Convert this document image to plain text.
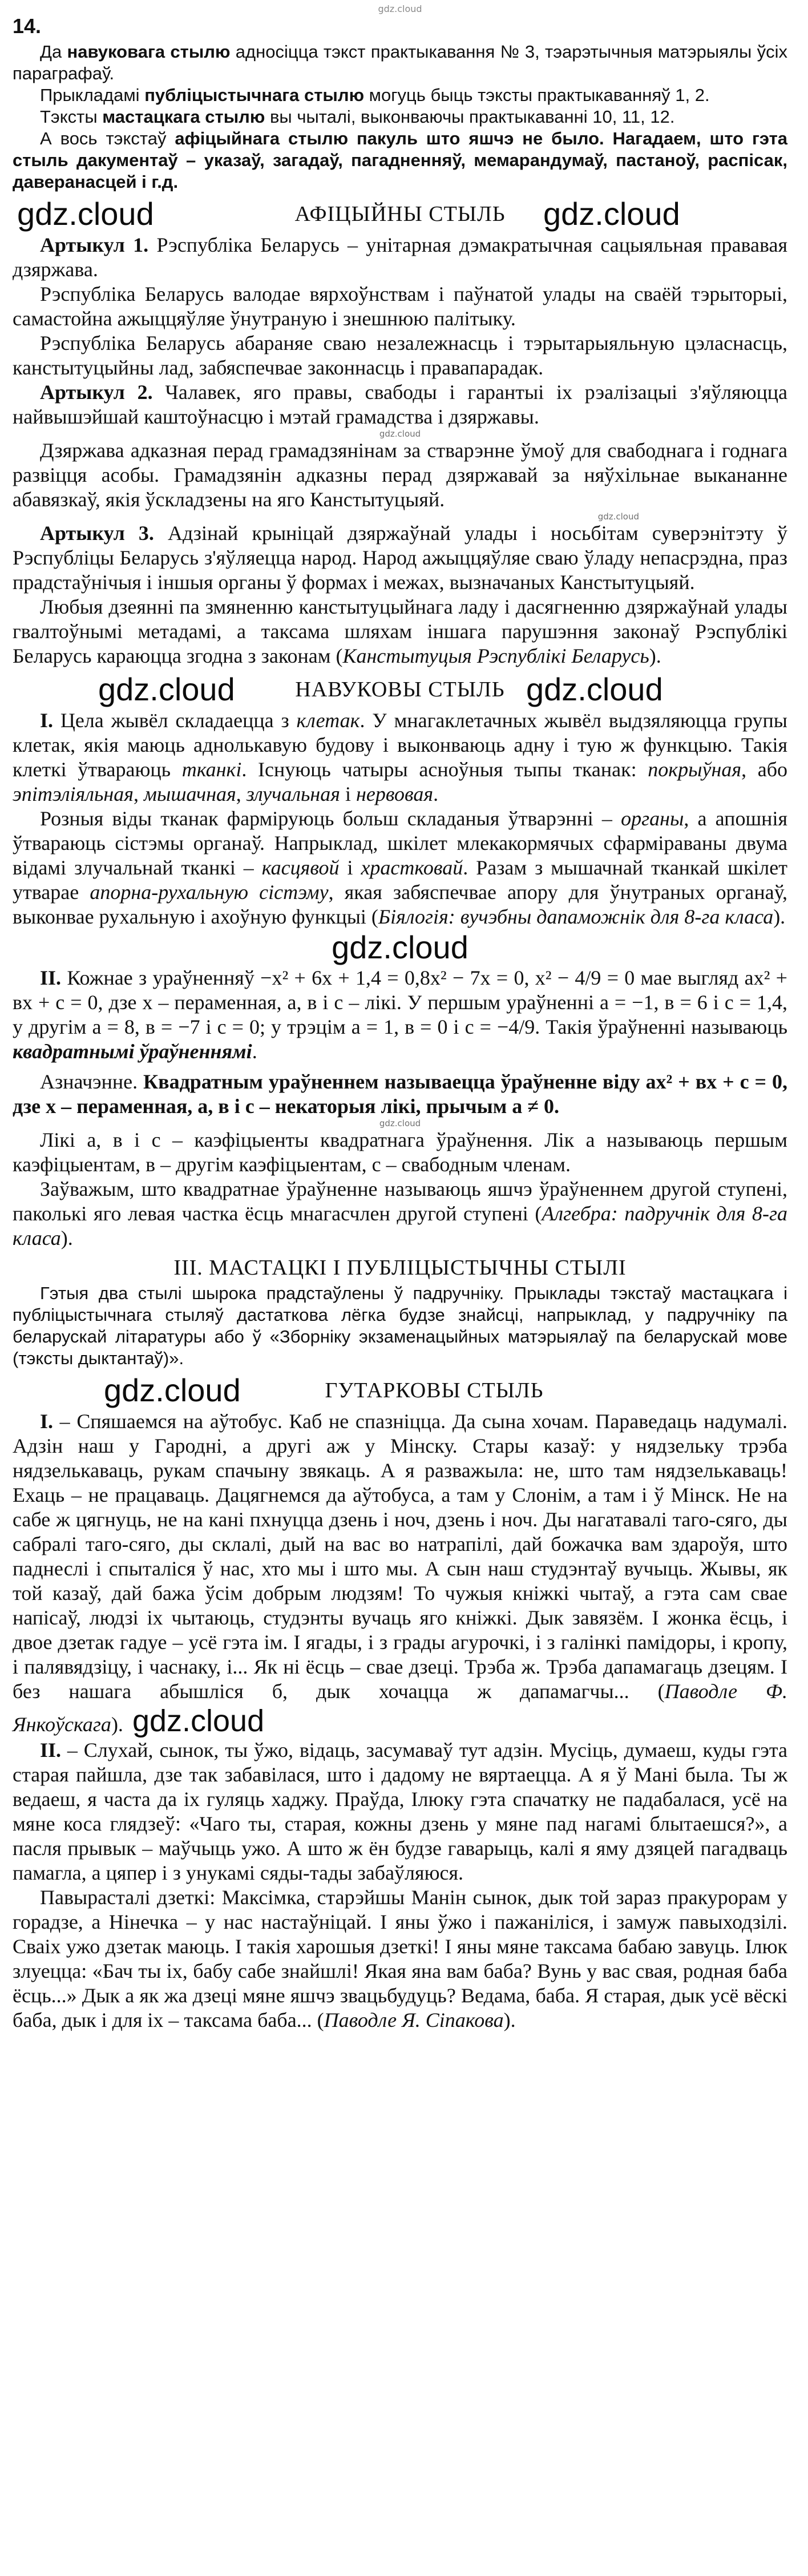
gdz.cloud
14.

Да навуковага стылю адносіцца тэкст практыкавання № 3, тэарэтычныя матэрыялы ўсіх параграфаў.

Прыкладамі публіцыстычнага стылю могуць быць тэксты практыкаванняў 1, 2.

Тэксты мастацкага стылю вы чыталі, выконваючы практыкаванні 10, 11, 12.

А вось тэкстаў афіцыйнага стылю пакуль што яшчэ не было. Нагадаем, што гэта стыль дакументаў – указаў, загадаў, пагадненняў, мемарандумаў, пастаноў, распісак, даверанасцей і г.д.

gdz.cloud	АФІЦЫЙНЫ СТЫЛЬ gdz.cloud

Артыкул 1. Рэспубліка Беларусь – унітарная дэмакратычная сацыяльная прававая дзяржава.

Рэспубліка Беларусь валодае вярхоўнствам і паўнатой улады на сваёй тэрыторыі, самастойна ажыццяўляе ўнутраную і знешнюю палітыку.

Рэспубліка Беларусь абараняе сваю незалежнасць і тэрытарыяльную цэласнасць, канстытуцыйны лад, забяспечвае законнасць і правапарадак.

Артыкул 2. Чалавек, яго правы, свабоды і гарантыі іх рэалізацыі з'яўляюцца найвышэйшай каштоўнасцю і мэтай грамадства і дзяржавы.

gdz.cloud

Дзяржава адказная перад грамадзянінам за стварэнне ўмоў для свабоднага і годнага развіцця асобы. Грамадзянін адказны перад дзяржавай за няўхільнае выкананне абавязкаў, якія ўскладзены на яго Канстытуцыяй.

gdz.cloud

Артыкул 3. Адзінай крыніцай дзяржаўнай улады і носьбітам суверэнітэту ў Рэспубліцы Беларусь з'яўляецца народ. Народ ажыццяўляе сваю ўладу непасрэдна, праз прадстаўнічыя і іншыя органы ў формах і межах, вызначаных Канстытуцыяй.

Любыя дзеянні па змяненню канстытуцыйнага ладу і дасягненню дзяржаўнай улады гвалтоўнымі метадамі, а таксама шляхам іншага парушэння законаў Рэспублікі Беларусь караюцца згодна з законам (Канстытуцыя Рэспублікі Беларусь).

gdz.cloud	НАВУКОВЫ СТЫЛЬ gdz.cloud

I. Цела жывёл складаецца з клетак. У мнагаклетачных жывёл выдзяляюцца групы клетак, якія маюць аднолькавую будову і выконваюць адну і тую ж функцыю. Такія клеткі ўтвараюць тканкі. Існуюць чатыры асноўныя тыпы тканак: покрыўная, або эпітэліяльная, мышачная, злучальная і нервовая.

Розныя віды тканак фарміруюць больш складаныя ўтварэнні – органы, а апошнія ўтвараюць сістэмы органаў. Напрыклад, шкілет млекакормячых сфарміраваны двума відамі злучальнай тканкі – касцявой і храстковай. Разам з мышачнай тканкай шкілет утварае апорна-рухальную сістэму, якая забяспечвае апору для ўнутраных органаў, выконвае рухальную і ахоўную функцыі (Біялогія: вучэбны дапаможнік для 8-га класа).

gdz.cloud

II. Кожнае з ураўненняў −x² + 6x + 1,4 = 0,8x² − 7x = 0, x² − 4/9 = 0 мае выгляд ax² + вx + c = 0, дзе x – пераменная, а, в і c – лікі. У першым ураўненні a = −1, в = 6 і c = 1,4, у другім a = 8, в = −7 і c = 0; у трэцім a = 1, в = 0 і c = −4/9. Такія ўраўненні называюць квадратнымі ўраўненнямі.

Азначэнне. Квадратным ураўненнем называецца ўраўненне віду ax² + вx + c = 0, дзе x – пераменная, а, в і c – некаторыя лікі, прычым a ≠ 0.

gdz.cloud

Лікі а, в і c – каэфіцыенты квадратнага ўраўнення. Лік а называюць першым каэфіцыентам, в – другім каэфіцыентам, c – свабодным членам.

Заўважым, што квадратнае ўраўненне называюць яшчэ ўраўненнем другой ступені, паколькі яго левая частка ёсць мнагасчлен другой ступені (Алгебра: падручнік для 8-га класа).

III. МАСТАЦКІ І ПУБЛІЦЫСТЫЧНЫ СТЫЛІ

Гэтыя два стылі шырока прадстаўлены ў падручніку. Прыклады тэкстаў мастацкага і публіцыстычнага стыляў дастаткова лёгка будзе знайсці, напрыклад, у падручніку па беларускай літаратуры або ў «Зборніку экзаменацыйных матэрыялаў па беларускай мове (тэксты дыктантаў)».

gdz.cloud	ГУТАРКОВЫ СТЫЛЬ

I. – Спяшаемся на аўтобус. Каб не спазніцца. Да сына хочам. Параведаць надумалі. Адзін наш у Гародні, а другі аж у Мінску. Стары казаў: у нядзельку трэба нядзелькаваць, рукам спачыну звякаць. А я разважыла: не, што там нядзелькаваць! Ехаць – не працаваць. Дацягнемся да аўтобуса, а там у Слонім, а там і ў Мінск. Не на сабе ж цягнуць, не на кані пхнуцца дзень і ноч, дзень і ноч. Ды нагатавалі тaго-сяго, ды сабралі тaго-сяго, ды склалі, дый на вас во натрапілі, дай божачка вам здароўя, што паднеслі і спыталіся ў нас, хто мы і што мы. А сын наш студэнтаў вучыць. Жывы, як той казаў, дай бажа ўсім добрым людзям! То чужыя кніжкі чытаў, а гэта сам свае напісаў, людзі іх чытаюць, студэнты вучаць яго кніжкі. Дык завязём. І жонка ёсць, і двое дзетак гадуе – усё гэта ім. І ягады, і з грады агурочкі, і з галінкі памідоры, і кропу, і палявядзіцу, і часнаку, і... Як ні ёсць – свае дзеці. Трэба ж. Трэба дапамагаць дзецям. І без нашага абышліся б, дык хочацца ж дапамагчы... (Паводле Ф. Янкоўскага). gdz.cloud

II. – Слухай, сынок, ты ўжо, відаць, засумаваў тут адзін. Мусіць, думаеш, куды гэта старая пайшла, дзе так забавілася, што і дадому не вяртаецца. А я ў Мані была. Ты ж ведаеш, я часта да іх гуляць хаджу. Праўда, Ілюку гэта спачатку не падабалася, усё на мяне коса глядзеў: «Чаго ты, старая, кожны дзень у мяне пад нагамі блытаешся?», а пасля прывык – маўчыць ужо. А што ж ён будзе гаварыць, калі я яму дзяцей пагадваць памагла, а цяпер і з унукамі сяды-тады забаўляюся.

Павырасталі дзеткі: Максімка, старэйшы Манін сынок, дык той зараз пракурорам у горадзе, а Нінечка – у нас настаўніцай. І яны ўжо і пажаніліся, і замуж павыходзілі. Сваіх ужо дзетак маюць. І такія харошыя дзеткі! І яны мяне таксама бабаю завуць. Ілюк злуецца: «Бач ты іх, бабу сабе знайшлі! Якая яна вам баба? Вунь у вас свая, родная баба ёсць...» Дык а як жа дзеці мяне яшчэ звацьбудуць? Ведама, баба. Я старая, дык усё вёскі баба, дык і для іх – таксама баба... (Паводле Я. Сіпакова).
